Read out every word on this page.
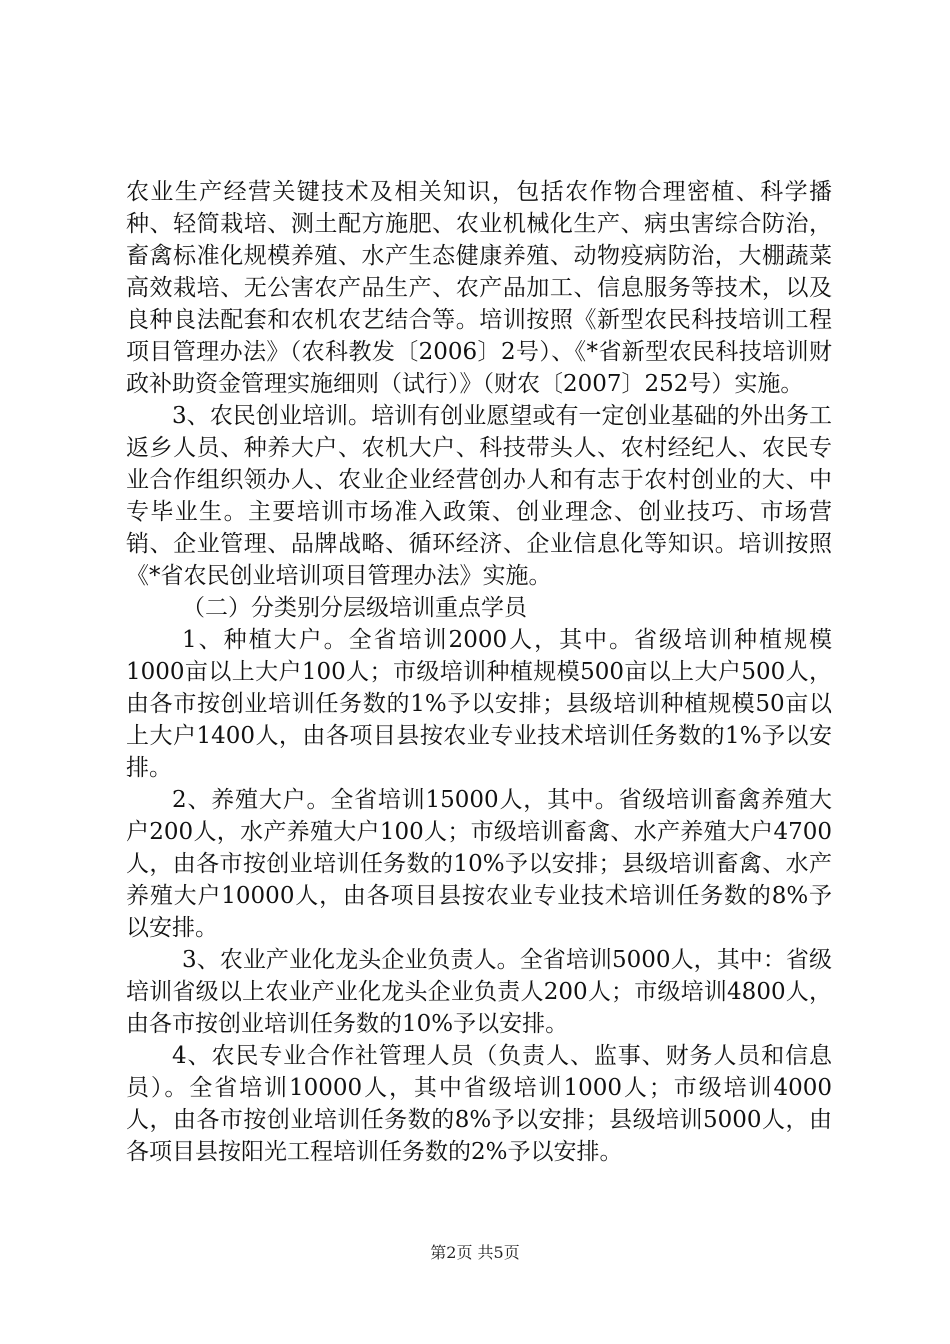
农业生产经营关键技术及相关知识，包括农作物合理密植、科学播种、轻简栽培、测土配方施肥、农业机械化生产、病虫害综合防治，畜禽标准化规模养殖、水产生态健康养殖、动物疫病防治，大棚蔬菜高效栽培、无公害农产品生产、农产品加工、信息服务等技术，以及良种良法配套和农机农艺结合等。培训按照《新型农民科技培训工程项目管理办法》（农科教发〔2006〕2号）、《*省新型农民科技培训财政补助资金管理实施细则（试行）》（财农〔2007〕252号）实施。

3、农民创业培训。培训有创业愿望或有一定创业基础的外出务工返乡人员、种养大户、农机大户、科技带头人、农村经纪人、农民专业合作组织领办人、农业企业经营创办人和有志于农村创业的大、中专毕业生。主要培训市场准入政策、创业理念、创业技巧、市场营销、企业管理、品牌战略、循环经济、企业信息化等知识。培训按照《*省农民创业培训项目管理办法》实施。

（二）分类别分层级培训重点学员

1、种植大户。全省培训2000人，其中。省级培训种植规模1000亩以上大户100人；市级培训种植规模500亩以上大户500人，由各市按创业培训任务数的1%予以安排；县级培训种植规模50亩以上大户1400人，由各项目县按农业专业技术培训任务数的1%予以安排。

2、养殖大户。全省培训15000人，其中。省级培训畜禽养殖大户200人，水产养殖大户100人；市级培训畜禽、水产养殖大户4700人，由各市按创业培训任务数的10%予以安排；县级培训畜禽、水产养殖大户10000人，由各项目县按农业专业技术培训任务数的8%予以安排。

3、农业产业化龙头企业负责人。全省培训5000人，其中：省级培训省级以上农业产业化龙头企业负责人200人；市级培训4800人，由各市按创业培训任务数的10%予以安排。

4、农民专业合作社管理人员（负责人、监事、财务人员和信息员）。全省培训10000人，其中省级培训1000人；市级培训4000人，由各市按创业培训任务数的8%予以安排；县级培训5000人，由各项目县按阳光工程培训任务数的2%予以安排。

第2页 共5页
